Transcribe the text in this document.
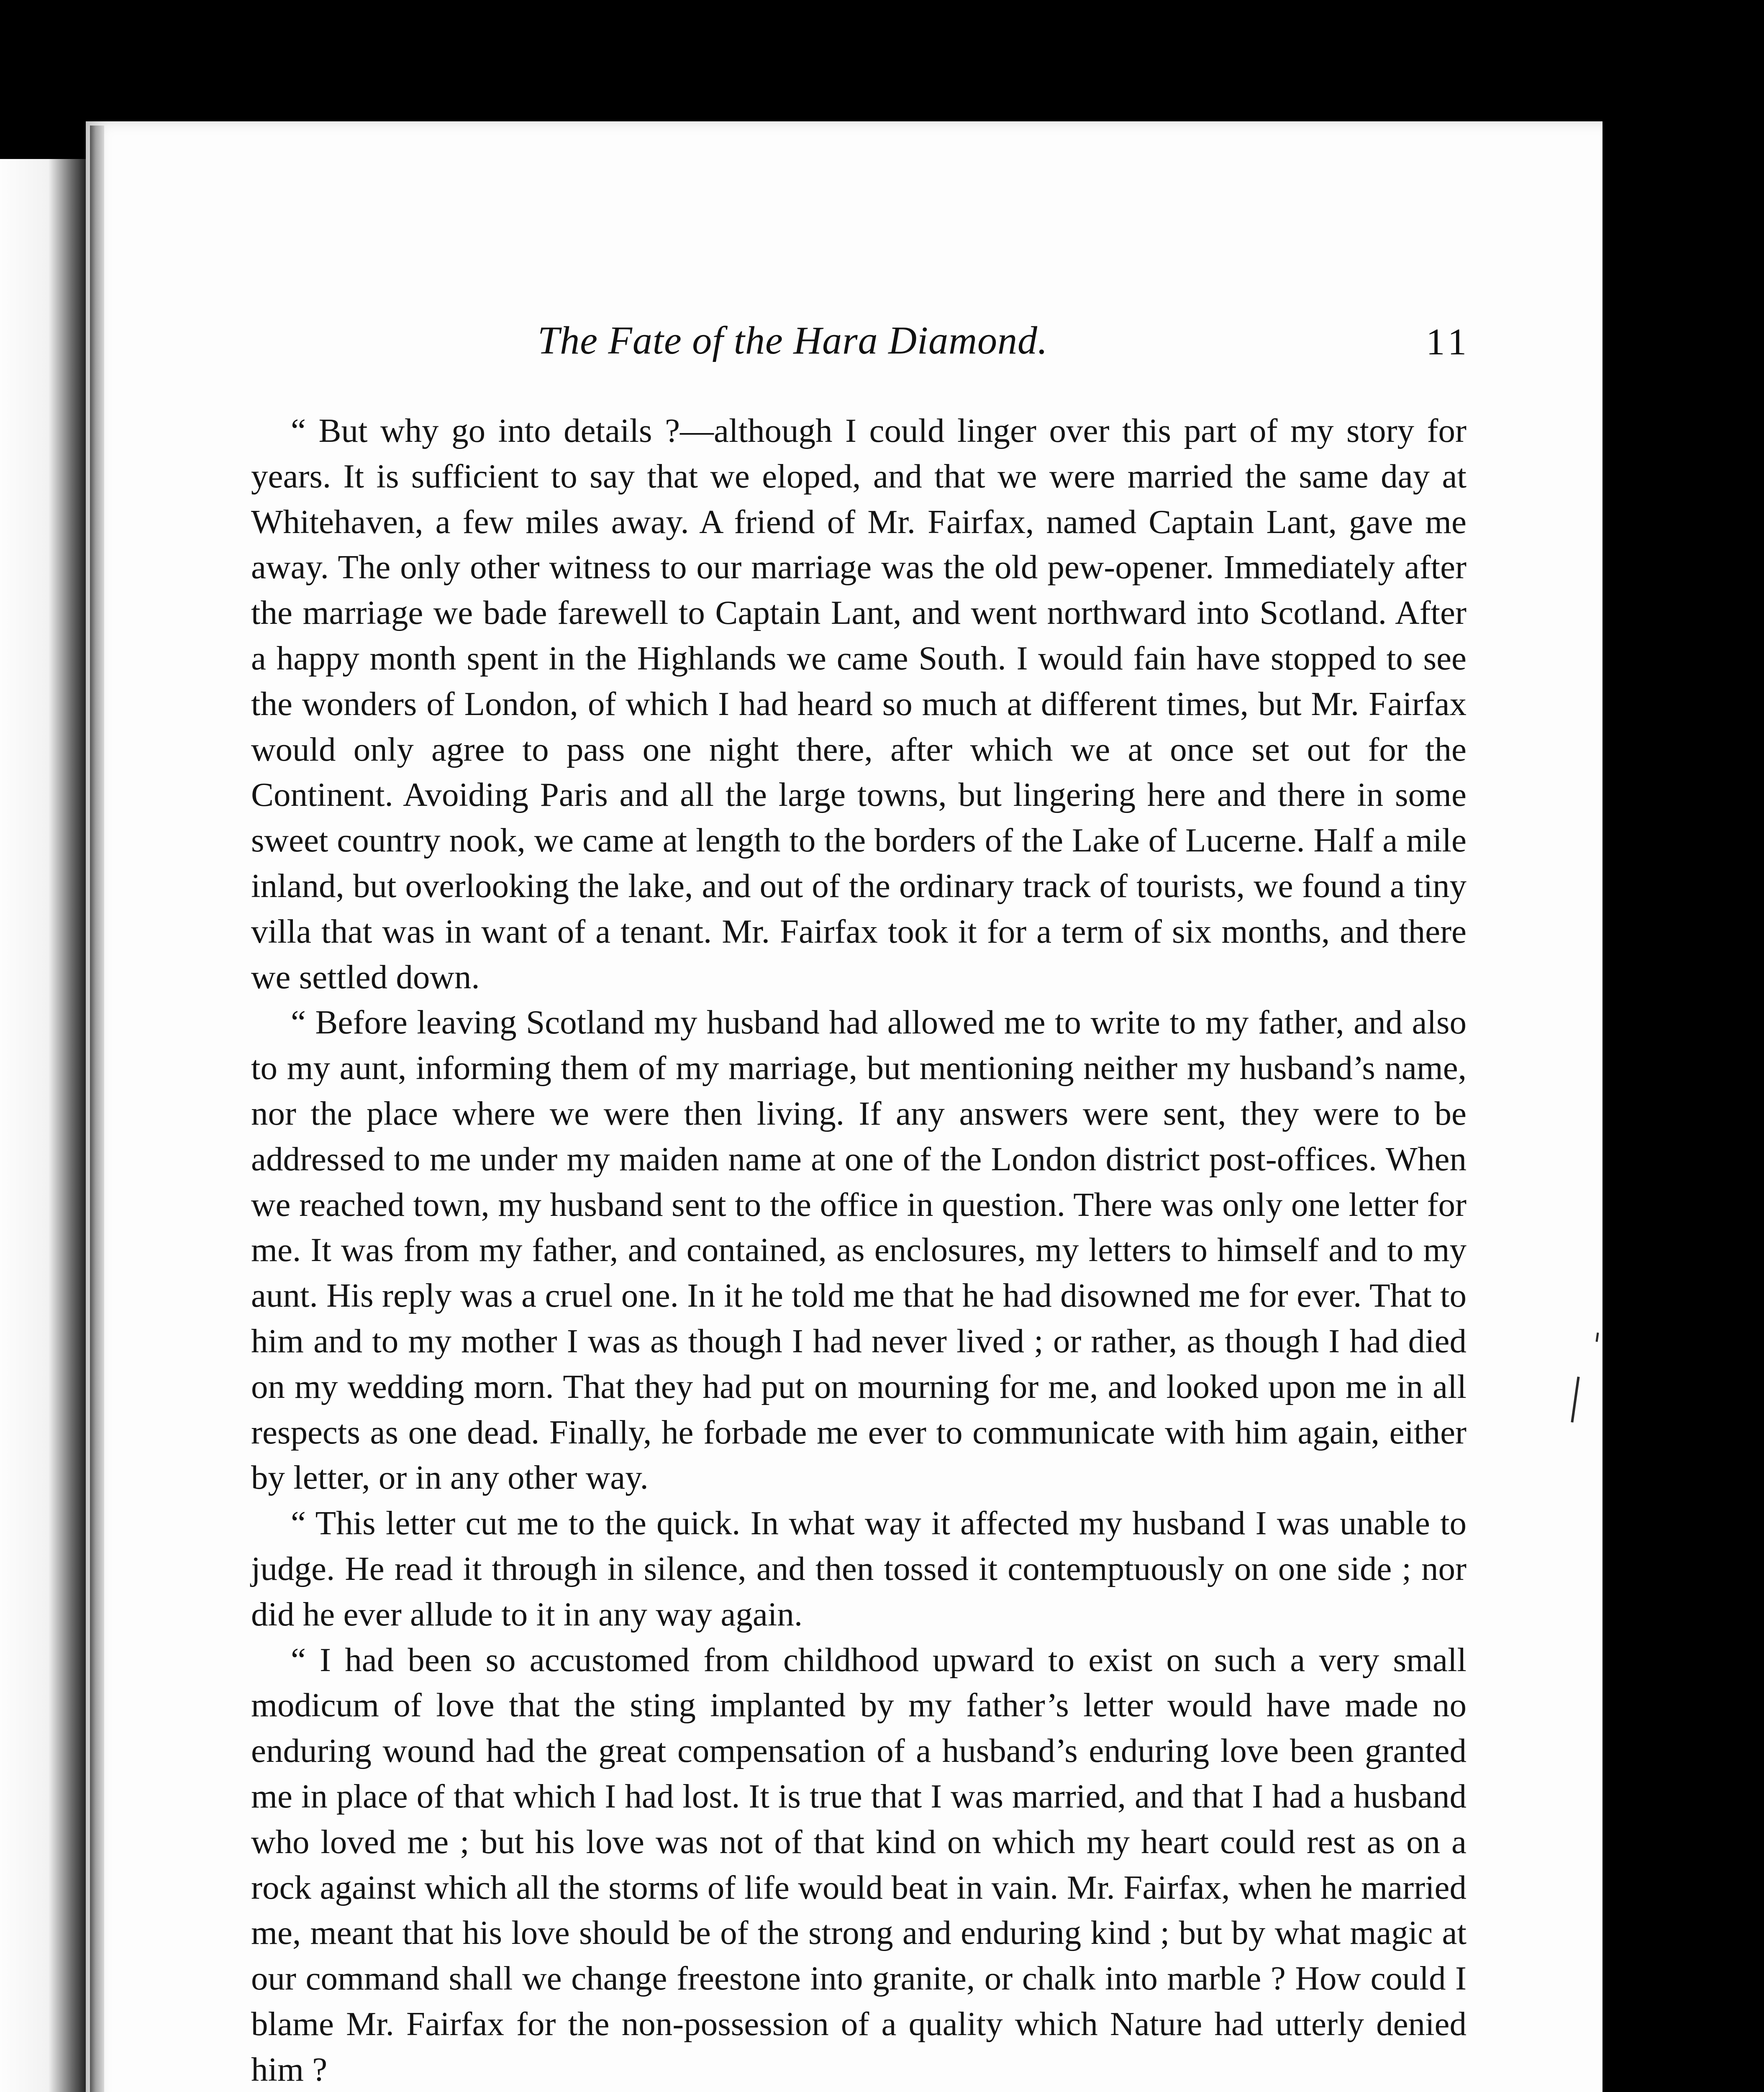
The Fate of the Hara Diamond.	11

“ But why go into details ?—although I could linger over this part of my story for years. It is sufficient to say that we eloped, and that we were married the same day at Whitehaven, a few miles away. A friend of Mr. Fairfax, named Captain Lant, gave me away. The only other witness to our marriage was the old pew-opener. Immediately after the marriage we bade farewell to Captain Lant, and went northward into Scotland. After a happy month spent in the Highlands we came South. I would fain have stopped to see the wonders of London, of which I had heard so much at different times, but Mr. Fairfax would only agree to pass one night there, after which we at once set out for the Continent. Avoiding Paris and all the large towns, but lingering here and there in some sweet country nook, we came at length to the borders of the Lake of Lucerne. Half a mile inland, but overlooking the lake, and out of the ordinary track of tourists, we found a tiny villa that was in want of a tenant. Mr. Fairfax took it for a term of six months, and there we settled down.

“ Before leaving Scotland my husband had allowed me to write to my father, and also to my aunt, informing them of my marriage, but mentioning neither my husband’s name, nor the place where we were then living. If any answers were sent, they were to be addressed to me under my maiden name at one of the London district post-offices. When we reached town, my husband sent to the office in question. There was only one letter for me. It was from my father, and contained, as enclosures, my letters to himself and to my aunt. His reply was a cruel one. In it he told me that he had disowned me for ever. That to him and to my mother I was as though I had never lived ; or rather, as though I had died on my wedding morn. That they had put on mourning for me, and looked upon me in all respects as one dead. Finally, he forbade me ever to communicate with him again, either by letter, or in any other way.

“ This letter cut me to the quick. In what way it affected my husband I was unable to judge. He read it through in silence, and then tossed it contemptuously on one side ; nor did he ever allude to it in any way again.

“ I had been so accustomed from childhood upward to exist on such a very small modicum of love that the sting implanted by my father’s letter would have made no enduring wound had the great compensation of a husband’s enduring love been granted me in place of that which I had lost. It is true that I was married, and that I had a husband who loved me ; but his love was not of that kind on which my heart could rest as on a rock against which all the storms of life would beat in vain. Mr. Fairfax, when he married me, meant that his love should be of the strong and enduring kind ; but by what magic at our command shall we change freestone into granite, or chalk into marble ? How could I blame Mr. Fairfax for the non-possession of a quality which Nature had utterly denied him ?
